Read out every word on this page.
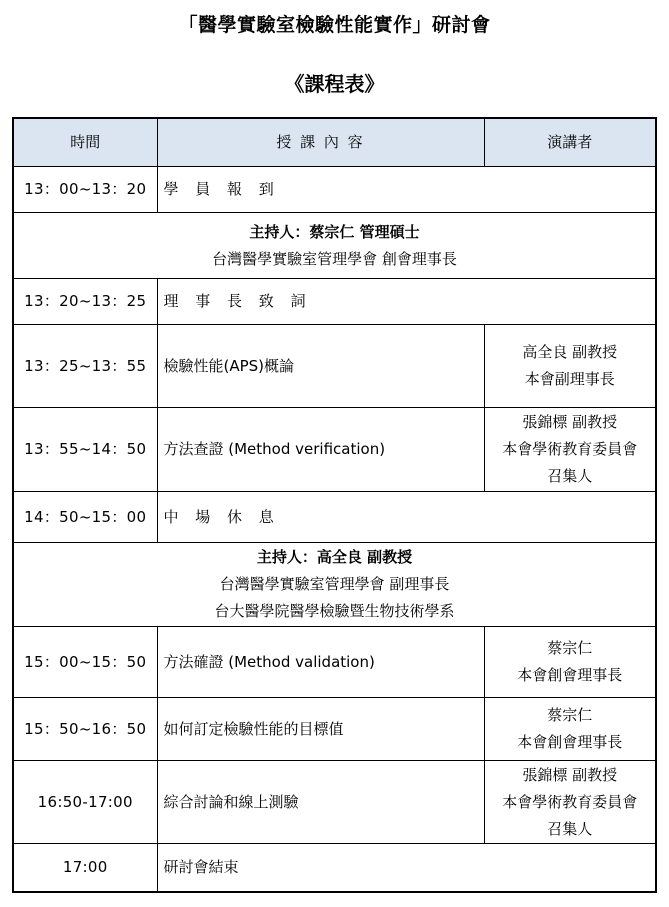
「醫學實驗室檢驗性能實作」研討會
《課程表》
時間	授 課 內 容	演講者
13：00~13：20	學 員 報 到	

主持人：蔡宗仁 管理碩士
台灣醫學實驗室管理學會 創會理事長		

13：20~13：25	理 事 長 致 詞	
13：25~13：55	檢驗性能(APS)概論	高全良 副教授
本會副理事長

13：55~14：50	方法查證 (Method verification)	張錦標 副教授
本會學術教育委員會
召集人

14：50~15：00	中 場 休 息	

主持人：高全良 副教授
台灣醫學實驗室管理學會 副理事長
台大醫學院醫學檢驗暨生物技術學系		

15：00~15：50	方法確證 (Method validation)	蔡宗仁
本會創會理事長

15：50~16：50	如何訂定檢驗性能的目標值	蔡宗仁
本會創會理事長

16:50-17:00	綜合討論和線上測驗	張錦標 副教授
本會學術教育委員會
召集人

17:00	研討會結束	
